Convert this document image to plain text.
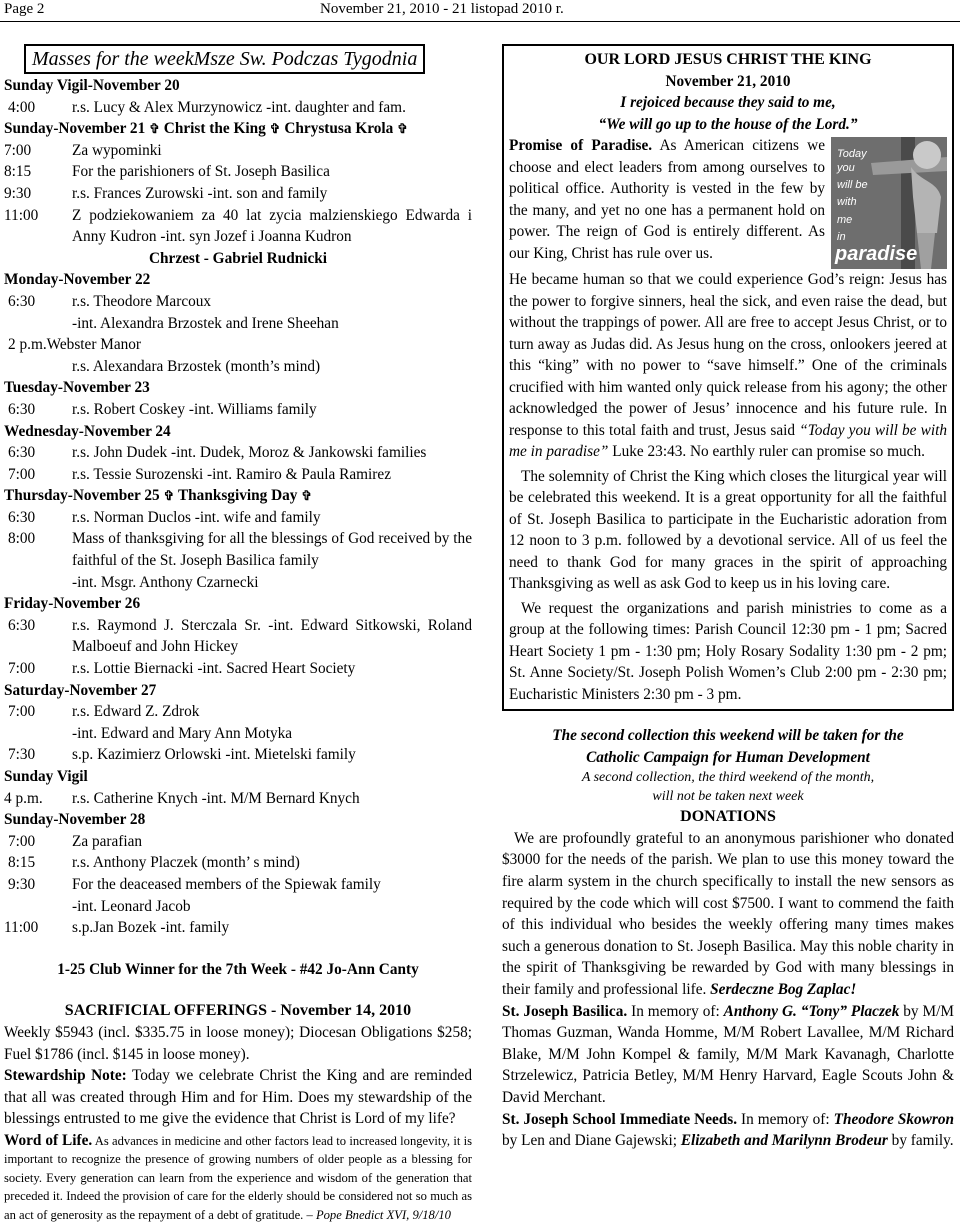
Page 2	November 21, 2010 - 21 listopad 2010 r.
Masses for the weekMsze Sw. Podczas Tygodnia
Sunday Vigil-November 20
4:00	r.s. Lucy & Alex Murzynowicz -int. daughter and fam.
Sunday-November 21 ✞ Christ the King ✞ Chrystusa Krola ✞
7:00	Za wypominki
8:15	For the parishioners of St. Joseph Basilica
9:30	r.s. Frances Zurowski -int. son and family
11:00	Z podziekowaniem za 40 lat zycia malzienskiego Edwarda i Anny Kudron -int. syn Jozef i Joanna Kudron
Chrzest - Gabriel Rudnicki
Monday-November 22
6:30	r.s. Theodore Marcoux
-int. Alexandra Brzostek and Irene Sheehan
2 p.m. Webster Manor
r.s. Alexandara Brzostek (month’s mind)
Tuesday-November 23
6:30	r.s. Robert Coskey -int. Williams family
Wednesday-November 24
6:30	r.s. John Dudek -int. Dudek, Moroz & Jankowski families
7:00	r.s. Tessie Surozenski -int. Ramiro & Paula Ramirez
Thursday-November 25 ✞ Thanksgiving Day ✞
6:30	r.s. Norman Duclos -int. wife and family
8:00	Mass of thanksgiving for all the blessings of God received by the faithful of the St. Joseph Basilica family
-int. Msgr. Anthony Czarnecki
Friday-November 26
6:30	r.s. Raymond J. Sterczala Sr. -int. Edward Sitkowski, Roland Malboeuf and John Hickey
7:00	r.s. Lottie Biernacki -int. Sacred Heart Society
Saturday-November 27
7:00	r.s. Edward Z. Zdrok
-int. Edward and Mary Ann Motyka
7:30	s.p. Kazimierz Orlowski -int. Mietelski family
Sunday Vigil
4 p.m.	r.s. Catherine Knych -int. M/M Bernard Knych
Sunday-November 28
7:00	Za parafian
8:15	r.s. Anthony Placzek (month’ s mind)
9:30	For the deaceased members of the Spiewak family
-int. Leonard Jacob
11:00	s.p.Jan Bozek -int. family
1-25 Club Winner for the 7th Week - #42 Jo-Ann Canty
SACRIFICIAL OFFERINGS - November 14, 2010
Weekly $5943 (incl. $335.75 in loose money); Diocesan Obligations $258; Fuel $1786 (incl. $145 in loose money).
Stewardship Note: Today we celebrate Christ the King and are reminded that all was created through Him and for Him. Does my stewardship of the blessings entrusted to me give the evidence that Christ is Lord of my life?
Word of Life. As advances in medicine and other factors lead to increased longevity, it is important to recognize the presence of growing numbers of older people as a blessing for society. Every generation can learn from the experience and wisdom of the generation that preceded it. Indeed the provision of care for the elderly should be considered not so much as an act of generosity as the repayment of a debt of gratitude. – Pope Bnedict XVI, 9/18/10
OUR LORD JESUS CHRIST THE KING
November 21, 2010
I rejoiced because they said to me,
“We will go up to the house of the Lord.”
Promise of Paradise. As American citizens we choose and elect leaders from among ourselves to political office. Authority is vested in the few by the many, and yet no one has a permanent hold on power. The reign of God is entirely different. As our King, Christ has rule over us.
Today
you
will be
with
me
in
paradise

He became human so that we could experience God’s reign: Jesus has the power to forgive sinners, heal the sick, and even raise the dead, but without the trappings of power. All are free to accept Jesus Christ, or to turn away as Judas did. As Jesus hung on the cross, onlookers jeered at this “king” with no power to “save himself.” One of the criminals crucified with him wanted only quick release from his agony; the other acknowledged the power of Jesus’ innocence and his future rule. In response to this total faith and trust, Jesus said “Today you will be with me in paradise” Luke 23:43. No earthly ruler can promise so much.

The solemnity of Christ the King which closes the liturgical year will be celebrated this weekend. It is a great opportunity for all the faithful of St. Joseph Basilica to participate in the Eucharistic adoration from 12 noon to 3 p.m. followed by a devotional service. All of us feel the need to thank God for many graces in the spirit of approaching Thanksgiving as well as ask God to keep us in his loving care.

We request the organizations and parish ministries to come as a group at the following times: Parish Council 12:30 pm - 1 pm; Sacred Heart Society 1 pm - 1:30 pm; Holy Rosary Sodality 1:30 pm - 2 pm; St. Anne Society/St. Joseph Polish Women’s Club 2:00 pm - 2:30 pm; Eucharistic Ministers 2:30 pm - 3 pm.

The second collection this weekend will be taken for the
Catholic Campaign for Human Development
A second collection, the third weekend of the month,
will not be taken next week
DONATIONS

We are profoundly grateful to an anonymous parishioner who donated $3000 for the needs of the parish. We plan to use this money toward the fire alarm system in the church specifically to install the new sensors as required by the code which will cost $7500. I want to commend the faith of this individual who besides the weekly offering many times makes such a generous donation to St. Joseph Basilica. May this noble charity in the spirit of Thanksgiving be rewarded by God with many blessings in their family and professional life. Serdeczne Bog Zaplac!

St. Joseph Basilica. In memory of: Anthony G. “Tony” Placzek by M/M Thomas Guzman, Wanda Homme, M/M Robert Lavallee, M/M Richard Blake, M/M John Kompel & family, M/M Mark Kavanagh, Charlotte Strzelewicz, Patricia Betley, M/M Henry Harvard, Eagle Scouts John & David Merchant.

St. Joseph School Immediate Needs. In memory of: Theodore Skowron by Len and Diane Gajewski; Elizabeth and Marilynn Brodeur by family.
